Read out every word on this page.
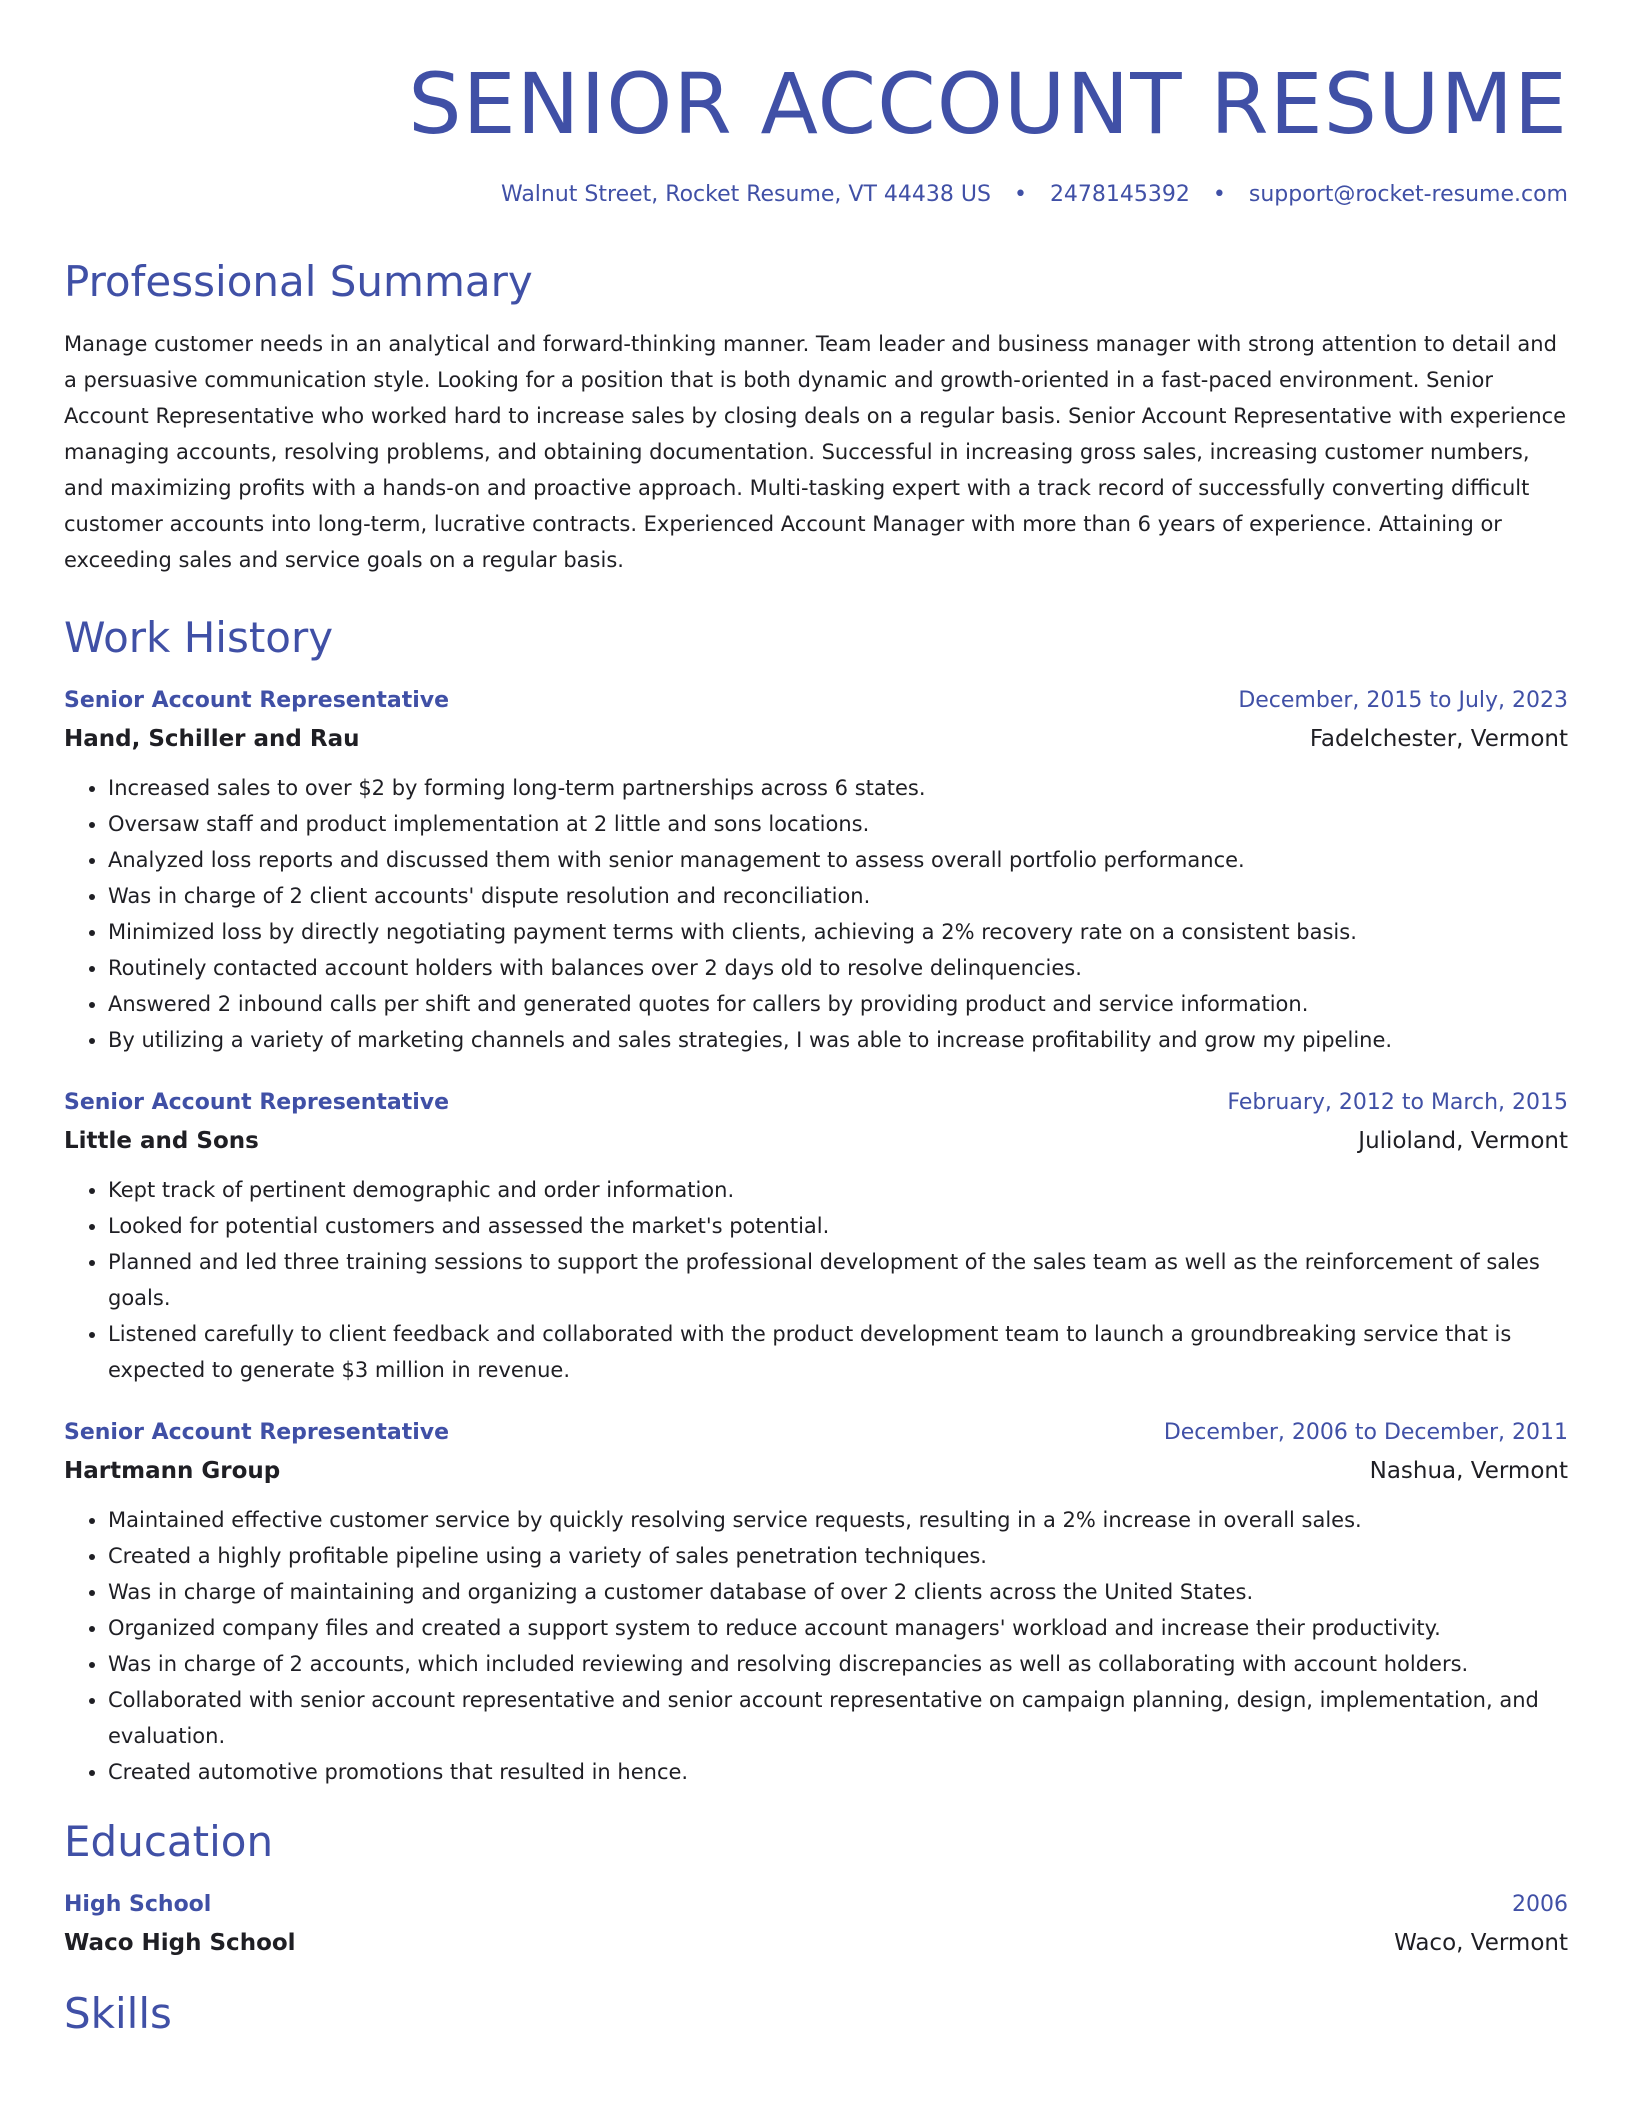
SENIOR ACCOUNT RESUME
Walnut Street, Rocket Resume, VT 44438 US • 2478145392 • support@rocket-resume.com
Professional Summary

Manage customer needs in an analytical and forward-thinking manner. Team leader and business manager with strong attention to detail and a persuasive communication style. Looking for a position that is both dynamic and growth-oriented in a fast-paced environment. Senior Account Representative who worked hard to increase sales by closing deals on a regular basis. Senior Account Representative with experience managing accounts, resolving problems, and obtaining documentation. Successful in increasing gross sales, increasing customer numbers, and maximizing profits with a hands-on and proactive approach. Multi-tasking expert with a track record of successfully converting difficult customer accounts into long-term, lucrative contracts. Experienced Account Manager with more than 6 years of experience. Attaining or exceeding sales and service goals on a regular basis.

Work History
Senior Account Representative	December, 2015 to July, 2023
Hand, Schiller and Rau	Fadelchester, Vermont
• Increased sales to over $2 by forming long-term partnerships across 6 states.
• Oversaw staff and product implementation at 2 little and sons locations.
• Analyzed loss reports and discussed them with senior management to assess overall portfolio performance.
• Was in charge of 2 client accounts' dispute resolution and reconciliation.
• Minimized loss by directly negotiating payment terms with clients, achieving a 2% recovery rate on a consistent basis.
• Routinely contacted account holders with balances over 2 days old to resolve delinquencies.
• Answered 2 inbound calls per shift and generated quotes for callers by providing product and service information.
• By utilizing a variety of marketing channels and sales strategies, I was able to increase profitability and grow my pipeline.
Senior Account Representative	February, 2012 to March, 2015
Little and Sons	Julioland, Vermont
• Kept track of pertinent demographic and order information.
• Looked for potential customers and assessed the market's potential.
• Planned and led three training sessions to support the professional development of the sales team as well as the reinforcement of sales goals.
• Listened carefully to client feedback and collaborated with the product development team to launch a groundbreaking service that is expected to generate $3 million in revenue.
Senior Account Representative	December, 2006 to December, 2011
Hartmann Group	Nashua, Vermont
• Maintained effective customer service by quickly resolving service requests, resulting in a 2% increase in overall sales.
• Created a highly profitable pipeline using a variety of sales penetration techniques.
• Was in charge of maintaining and organizing a customer database of over 2 clients across the United States.
• Organized company files and created a support system to reduce account managers' workload and increase their productivity.
• Was in charge of 2 accounts, which included reviewing and resolving discrepancies as well as collaborating with account holders.
• Collaborated with senior account representative and senior account representative on campaign planning, design, implementation, and evaluation.
• Created automotive promotions that resulted in hence.
Education
High School	2006
Waco High School	Waco, Vermont
Skills
